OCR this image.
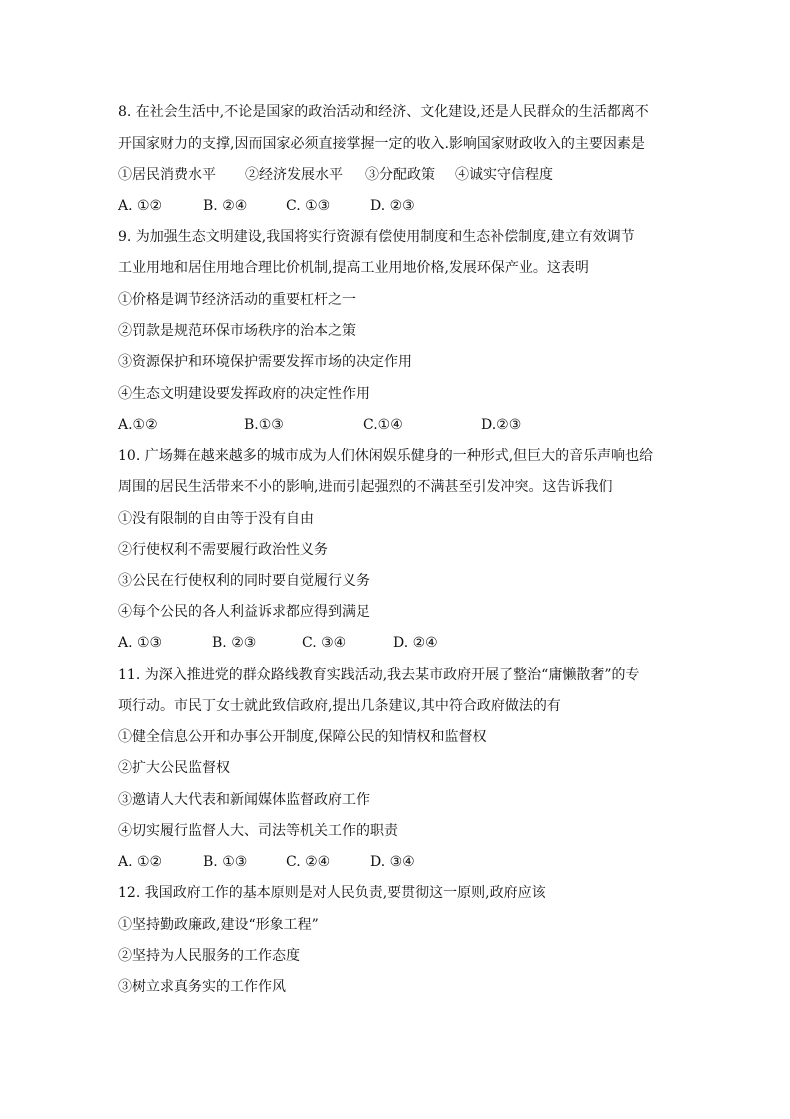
8. 在社会生活中,不论是国家的政治活动和经济、文化建设,还是人民群众的生活都离不
开国家财力的支撑,因而国家必须直接掌握一定的收入.影响国家财政收入的主要因素是
①居民消费水平 ②经济发展水平 ③分配政策 ④诚实守信程度
A. ①②	B. ②④	C. ①③	D. ②③
9. 为加强生态文明建设,我国将实行资源有偿使用制度和生态补偿制度,建立有效调节
工业用地和居住用地合理比价机制,提高工业用地价格,发展环保产业。这表明
①价格是调节经济活动的重要杠杆之一
②罚款是规范环保市场秩序的治本之策
③资源保护和环境保护需要发挥市场的决定作用
④生态文明建设要发挥政府的决定性作用
A.①②	B.①③	C.①④	D.②③
10. 广场舞在越来越多的城市成为人们休闲娱乐健身的一种形式,但巨大的音乐声响也给
周围的居民生活带来不小的影响,进而引起强烈的不满甚至引发冲突。这告诉我们
①没有限制的自由等于没有自由
②行使权利不需要履行政治性义务
③公民在行使权利的同时要自觉履行义务
④每个公民的各人利益诉求都应得到满足
A. ①③	B. ②③	C. ③④	D. ②④
11. 为深入推进党的群众路线教育实践活动,我去某市政府开展了整治“庸懒散奢”的专
项行动。市民丁女士就此致信政府,提出几条建议,其中符合政府做法的有
①健全信息公开和办事公开制度,保障公民的知情权和监督权
②扩大公民监督权
③邀请人大代表和新闻媒体监督政府工作
④切实履行监督人大、司法等机关工作的职责
A. ①②	B. ①③	C. ②④	D. ③④
12. 我国政府工作的基本原则是对人民负责,要贯彻这一原则,政府应该
①坚持勤政廉政,建设“形象工程”
②坚持为人民服务的工作态度
③树立求真务实的工作作风
